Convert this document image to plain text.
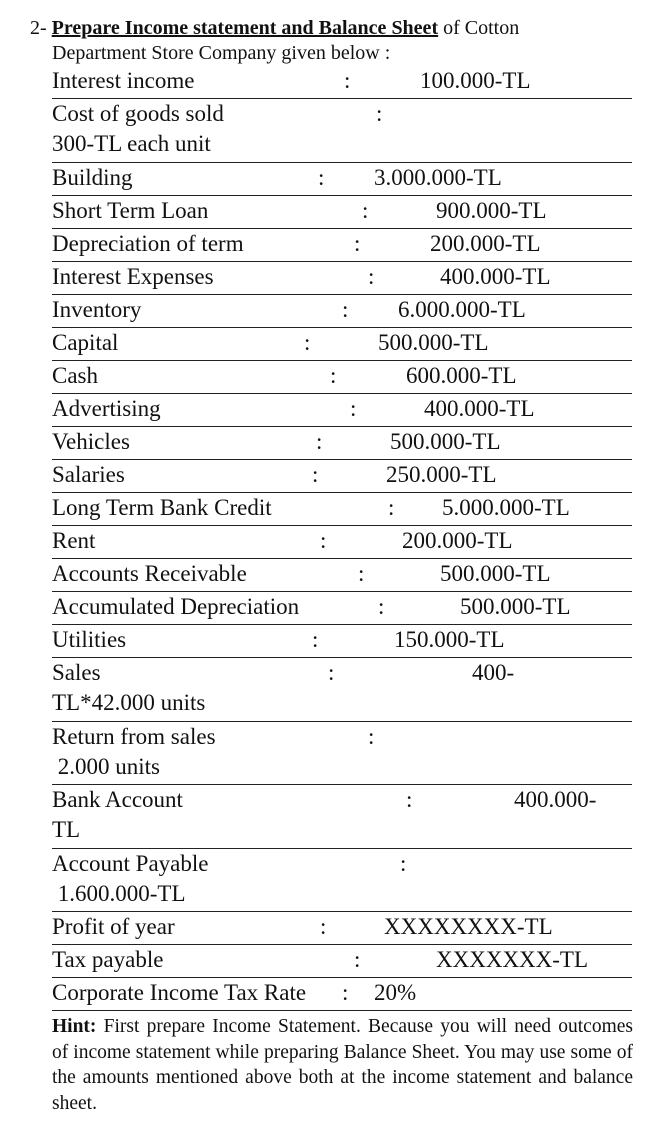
2- Prepare Income statement and Balance Sheet of Cotton
Department Store Company given below :
Interest income	:	100.000-TL
Cost of goods sold	:
300-TL each unit
Building	: 3.000.000-TL
Short Term Loan	:	900.000-TL
Depreciation of term	:	200.000-TL
Interest Expenses	:	400.000-TL
Inventory	: 6.000.000-TL
Capital	:	500.000-TL
Cash	:	600.000-TL
Advertising	:	400.000-TL
Vehicles	:	500.000-TL
Salaries	:	250.000-TL
Long Term Bank Credit	: 5.000.000-TL
Rent	:	200.000-TL
Accounts Receivable	:	500.000-TL
Accumulated Depreciation	:	500.000-TL
Utilities	:	150.000-TL
Sales	:	400-
TL*42.000 units
Return from sales	:
2.000 units
Bank Account	:	400.000-
TL
Account Payable	:
1.600.000-TL
Profit of year	:	XXXXXXXX-TL
Tax payable	:	XXXXXXX-TL
Corporate Income Tax Rate : 20%
Hint: First prepare Income Statement. Because you will need outcomes of income statement while preparing Balance Sheet. You may use some of the amounts mentioned above both at the income statement and balance sheet.
